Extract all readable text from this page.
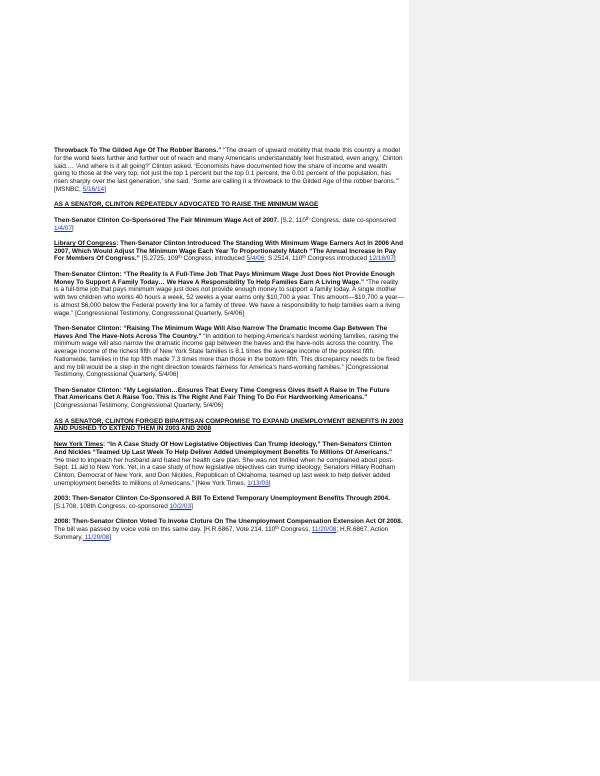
Throwback To The Gilded Age Of The Robber Barons.” “The dream of upward mobility that made this country a model for the world feels further and further out of reach and many Americans understandably feel frustrated, even angry,’ Clinton said.… ‘And where is it all going?’ Clinton asked. ‘Economists have documented how the share of income and wealth going to those at the very top, not just the top 1 percent but the top 0.1 percent, the 0.01 percent of the population, has risen sharply over the last generation,’ she said. ‘Some are calling it a throwback to the Gilded Age of the robber barons.’” [MSNBC, 5/16/14]

AS A SENATOR, CLINTON REPEATEDLY ADVOCATED TO RAISE THE MINIMUM WAGE

Then-Senator Clinton Co-Sponsored The Fair Minimum Wage Act of 2007. [S.2, 110th Congress, date co-sponsored 1/4/07]

Library Of Congress: Then-Senator Clinton Introduced The Standing With Minimum Wage Earners Act In 2006 And 2007, Which Would Adjust The Minimum Wage Each Year To Proportionately Match “The Annual Increase In Pay For Members Of Congress.” [S.2725, 109th Congress, introduced 5/4/06; S.2514, 110th Congress introduced 12/18/07]

Then-Senator Clinton: “The Reality Is A Full-Time Job That Pays Minimum Wage Just Does Not Provide Enough Money To Support A Family Today… We Have A Responsibility To Help Families Earn A Living Wage.” “The reality is a full-time job that pays minimum wage just does not provide enough money to support a family today. A single mother with two children who works 40 hours a week, 52 weeks a year earns only $10,700 a year. This amount—$10,700 a year—is almost $6,000 below the Federal poverty line for a family of three. We have a responsibility to help families earn a living wage.” [Congressional Testimony, Congressional Quarterly, 5/4/06]

Then-Senator Clinton: “Raising The Minimum Wage Will Also Narrow The Dramatic Income Gap Between The Haves And The Have-Nots Across The Country.” “In addition to helping America’s hardest working families, raising the minimum wage will also narrow the dramatic income gap between the haves and the have-nots across the country. The average income of the richest fifth of New York State families is 8.1 times the average income of the poorest fifth. Nationwide, families in the top fifth made 7.3 times more than those in the bottom fifth. This discrepancy needs to be fixed and my bill would be a step in the right direction towards fairness for America’s hard-working families.” [Congressional Testimony, Congressional Quarterly, 5/4/06]

Then-Senator Clinton: “My Legislation…Ensures That Every Time Congress Gives Itself A Raise In The Future That Americans Get A Raise Too. This Is The Right And Fair Thing To Do For Hardworking Americans.” [Congressional Testimony, Congressional Quarterly, 5/4/06]

AS A SENATOR, CLINTON FORGED BIPARTISAN COMPROMISE TO EXPAND UNEMPLOYMENT BENEFITS IN 2003 AND PUSHED TO EXTEND THEM IN 2003 AND 2008

New York Times: “In A Case Study Of How Legislative Objectives Can Trump Ideology,” Then-Senators Clinton And Nickles “Teamed Up Last Week To Help Deliver Added Unemployment Benefits To Millions Of Americans.” “He tried to impeach her husband and hated her health care plan. She was not thrilled when he complained about post-Sept. 11 aid to New York. Yet, in a case study of how legislative objectives can trump ideology, Senators Hillary Rodham Clinton, Democrat of New York, and Don Nickles, Republican of Oklahoma, teamed up last week to help deliver added unemployment benefits to millions of Americans.” [New York Times, 1/13/03]

2003: Then-Senator Clinton Co-Sponsored A Bill To Extend Temporary Unemployment Benefits Through 2004. [S.1708, 108th Congress, co-sponsored 10/2/03]

2008: Then-Senator Clinton Voted To Invoke Cloture On The Unemployment Compensation Extension Act Of 2008. The bill was passed by voice vote on this same day. [H.R.6867, Vote 214, 110th Congress, 11/20/08; H.R.6867, Action Summary, 11/20/08]
